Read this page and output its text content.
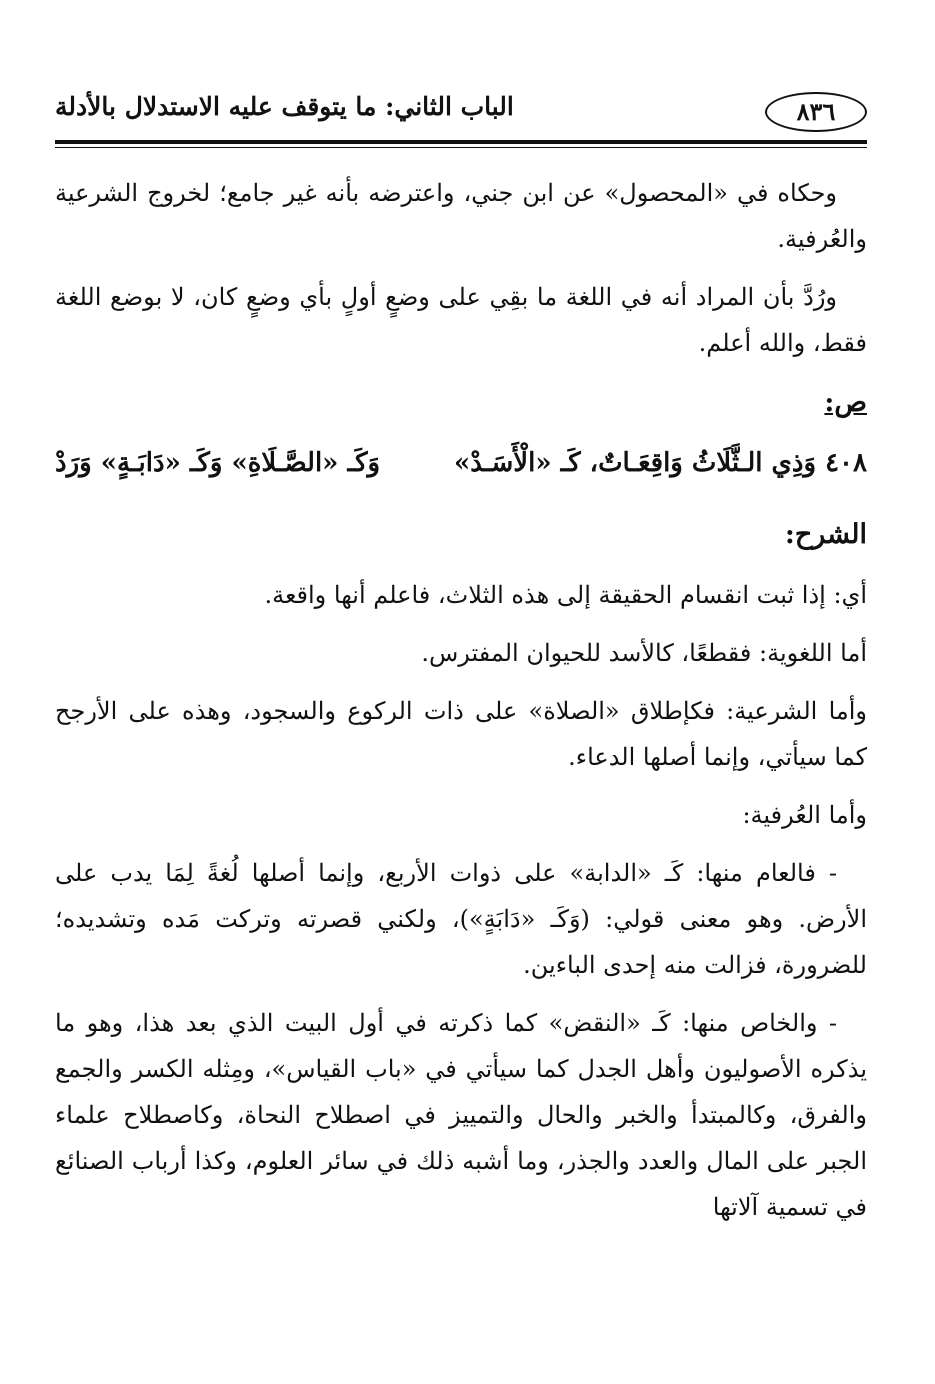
٨٣٦
الباب الثاني: ما يتوقف عليه الاستدلال بالأدلة

وحكاه في «المحصول» عن ابن جني، واعترضه بأنه غير جامع؛ لخروج الشرعية والعُرفية.

ورُدَّ بأن المراد أنه في اللغة ما بقِي على وضعٍ أولٍ بأي وضعٍ كان، لا بوضع اللغة فقط، والله أعلم.

ص:
٤٠٨ وَذِي الـثَّلَاثُ وَاقِعَـاتٌ، كَـ «الْأَسَـدْ»
وَكَـ «الصَّـلَاةِ» وَكَـ «دَابَـةٍ» وَرَدْ
الشرح:

أي: إذا ثبت انقسام الحقيقة إلى هذه الثلاث، فاعلم أنها واقعة.

أما اللغوية: فقطعًا، كالأسد للحيوان المفترس.

وأما الشرعية: فكإطلاق «الصلاة» على ذات الركوع والسجود، وهذه على الأرجح كما سيأتي، وإنما أصلها الدعاء.

وأما العُرفية:

- فالعام منها: كَـ «الدابة» على ذوات الأربع، وإنما أصلها لُغةً لِمَا يدب على الأرض. وهو معنى قولي: (وَكَـ «دَابَةٍ»)، ولكني قصرته وتركت مَده وتشديده؛ للضرورة، فزالت منه إحدى الباءين.

- والخاص منها: كَـ «النقض» كما ذكرته في أول البيت الذي بعد هذا، وهو ما يذكره الأصوليون وأهل الجدل كما سيأتي في «باب القياس»، ومِثله الكسر والجمع والفرق، وكالمبتدأ والخبر والحال والتمييز في اصطلاح النحاة، وكاصطلاح علماء الجبر على المال والعدد والجذر، وما أشبه ذلك في سائر العلوم، وكذا أرباب الصنائع في تسمية آلاتها
